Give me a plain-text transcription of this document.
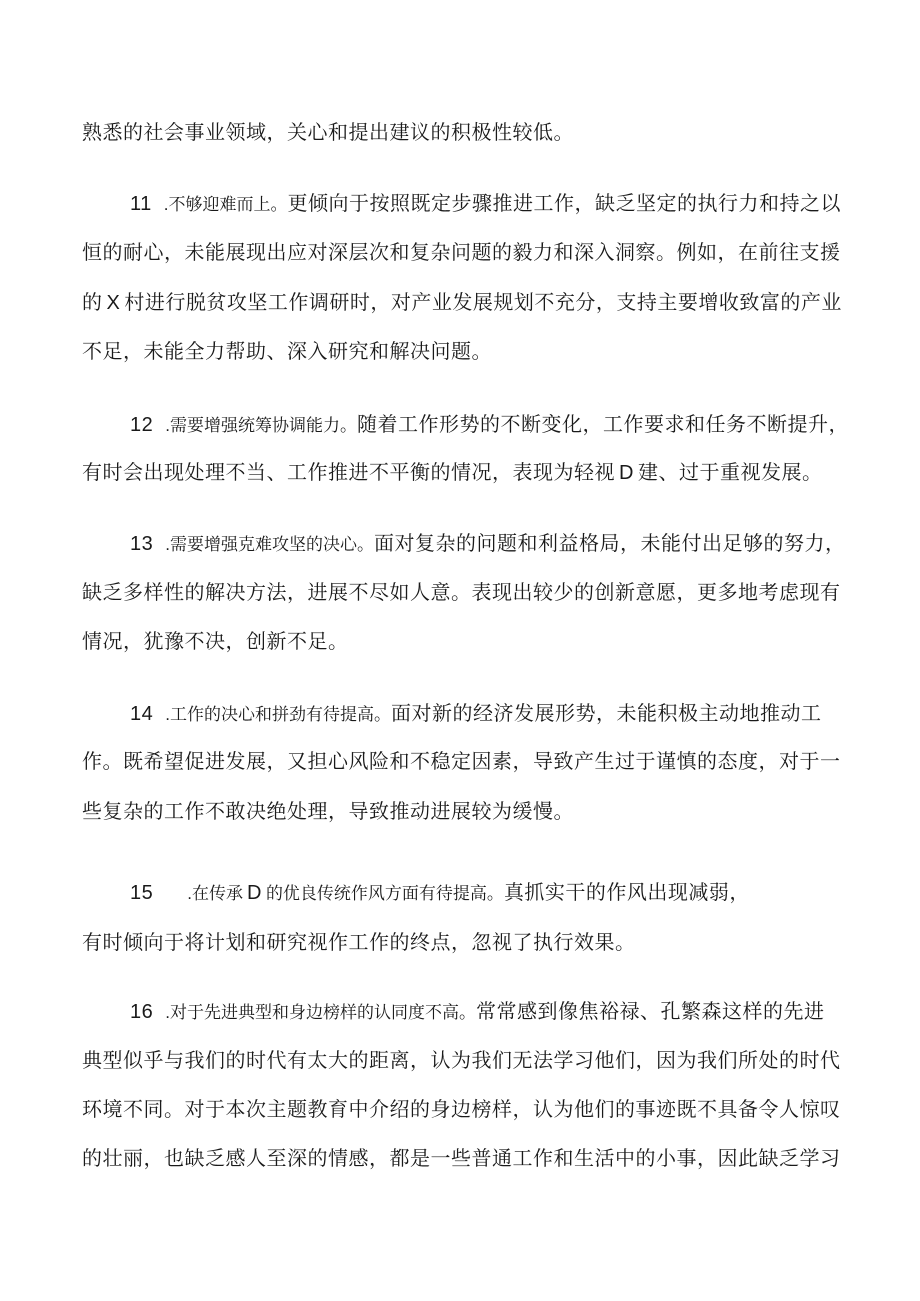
熟悉的社会事业领域，关心和提出建议的积极性较低。
11 .不够迎难而上。更倾向于按照既定步骤推进工作，缺乏坚定的执行力和持之以
恒的耐心，未能展现出应对深层次和复杂问题的毅力和深入洞察。例如，在前往支援
的 X 村进行脱贫攻坚工作调研时，对产业发展规划不充分，支持主要增收致富的产业
不足，未能全力帮助、深入研究和解决问题。
12 .需要增强统筹协调能力。随着工作形势的不断变化，工作要求和任务不断提升，
有时会出现处理不当、工作推进不平衡的情况，表现为轻视 D 建、过于重视发展。
13 .需要增强克难攻坚的决心。面对复杂的问题和利益格局，未能付出足够的努力，
缺乏多样性的解决方法，进展不尽如人意。表现出较少的创新意愿，更多地考虑现有
情况，犹豫不决，创新不足。
14 .工作的决心和拼劲有待提高。面对新的经济发展形势，未能积极主动地推动工
作。既希望促进发展，又担心风险和不稳定因素，导致产生过于谨慎的态度，对于一
些复杂的工作不敢决绝处理，导致推动进展较为缓慢。
15 .在传承 D 的优良传统作风方面有待提高。真抓实干的作风出现减弱，
有时倾向于将计划和研究视作工作的终点，忽视了执行效果。
16 .对于先进典型和身边榜样的认同度不高。常常感到像焦裕禄、孔繁森这样的先进
典型似乎与我们的时代有太大的距离，认为我们无法学习他们，因为我们所处的时代
环境不同。对于本次主题教育中介绍的身边榜样，认为他们的事迹既不具备令人惊叹
的壮丽，也缺乏感人至深的情感，都是一些普通工作和生活中的小事，因此缺乏学习
